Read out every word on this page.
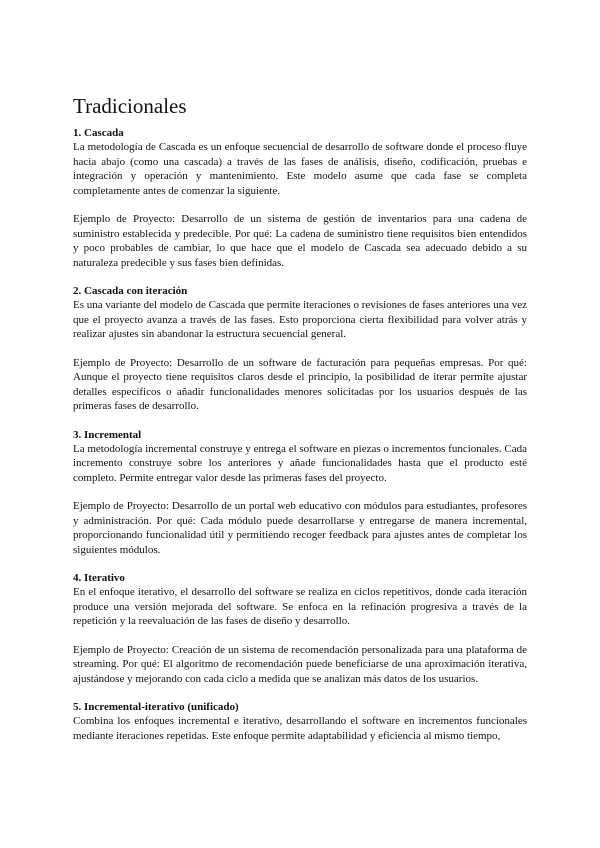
Tradicionales
1. Cascada

La metodología de Cascada es un enfoque secuencial de desarrollo de software donde el proceso fluye hacia abajo (como una cascada) a través de las fases de análisis, diseño, codificación, pruebas e integración y operación y mantenimiento. Este modelo asume que cada fase se completa completamente antes de comenzar la siguiente.

Ejemplo de Proyecto: Desarrollo de un sistema de gestión de inventarios para una cadena de suministro establecida y predecible. Por qué: La cadena de suministro tiene requisitos bien entendidos y poco probables de cambiar, lo que hace que el modelo de Cascada sea adecuado debido a su naturaleza predecible y sus fases bien definidas.

2. Cascada con iteración

Es una variante del modelo de Cascada que permite iteraciones o revisiones de fases anteriores una vez que el proyecto avanza a través de las fases. Esto proporciona cierta flexibilidad para volver atrás y realizar ajustes sin abandonar la estructura secuencial general.

Ejemplo de Proyecto: Desarrollo de un software de facturación para pequeñas empresas. Por qué: Aunque el proyecto tiene requisitos claros desde el principio, la posibilidad de iterar permite ajustar detalles específicos o añadir funcionalidades menores solicitadas por los usuarios después de las primeras fases de desarrollo.

3. Incremental

La metodología incremental construye y entrega el software en piezas o incrementos funcionales. Cada incremento construye sobre los anteriores y añade funcionalidades hasta que el producto esté completo. Permite entregar valor desde las primeras fases del proyecto.

Ejemplo de Proyecto: Desarrollo de un portal web educativo con módulos para estudiantes, profesores y administración. Por qué: Cada módulo puede desarrollarse y entregarse de manera incremental, proporcionando funcionalidad útil y permitiendo recoger feedback para ajustes antes de completar los siguientes módulos.

4. Iterativo

En el enfoque iterativo, el desarrollo del software se realiza en ciclos repetitivos, donde cada iteración produce una versión mejorada del software. Se enfoca en la refinación progresiva a través de la repetición y la reevaluación de las fases de diseño y desarrollo.

Ejemplo de Proyecto: Creación de un sistema de recomendación personalizada para una plataforma de streaming. Por qué: El algoritmo de recomendación puede beneficiarse de una aproximación iterativa, ajustándose y mejorando con cada ciclo a medida que se analizan más datos de los usuarios.

5. Incremental-iterativo (unificado)

Combina los enfoques incremental e iterativo, desarrollando el software en incrementos funcionales mediante iteraciones repetidas. Este enfoque permite adaptabilidad y eficiencia al mismo tiempo,
